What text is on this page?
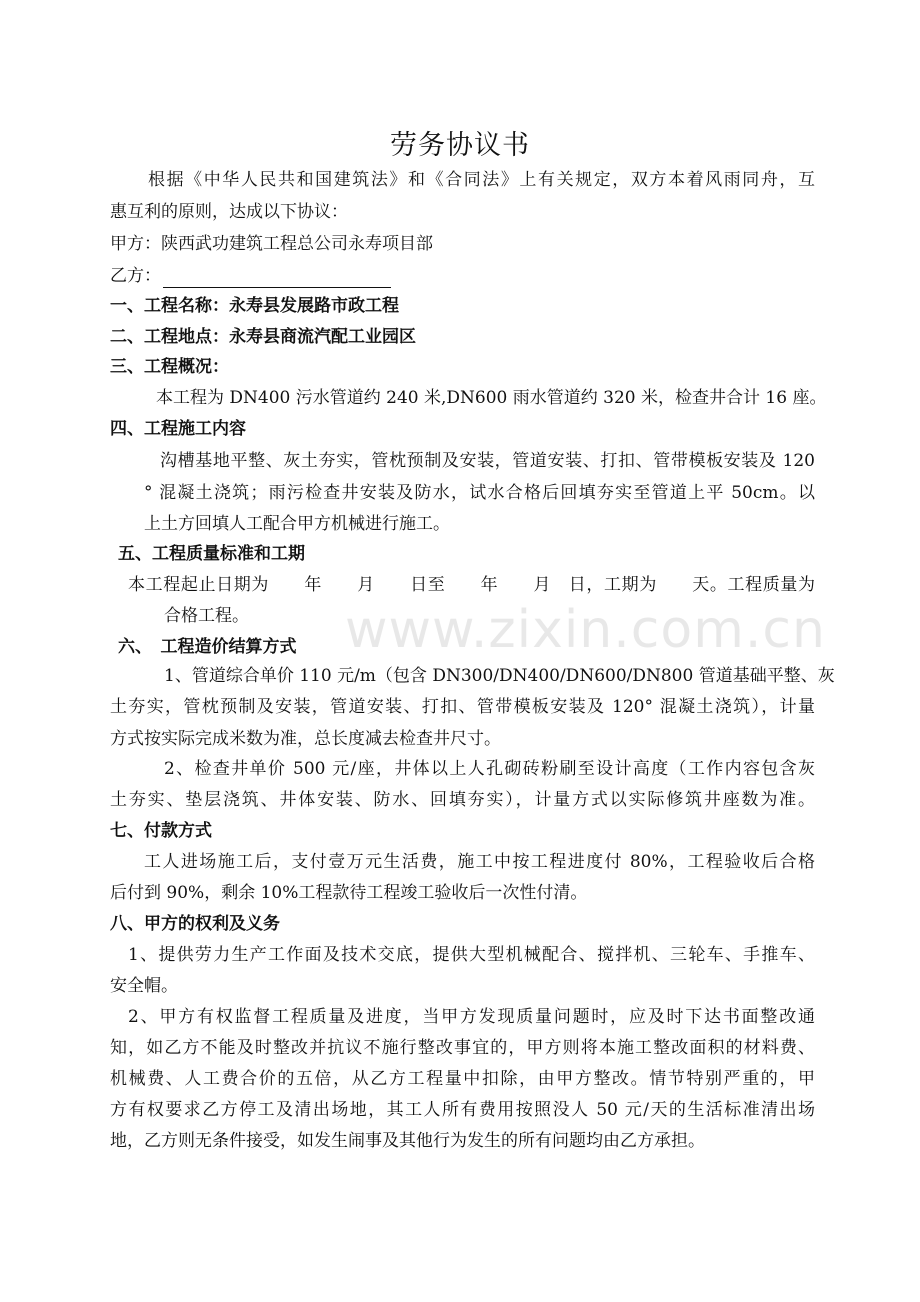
劳务协议书
根据《中华人民共和国建筑法》和《合同法》上有关规定，双方本着风雨同舟，互
惠互利的原则，达成以下协议：
甲方：陕西武功建筑工程总公司永寿项目部
乙方：
一、工程名称：永寿县发展路市政工程
二、工程地点：永寿县商流汽配工业园区
三、工程概况：
本工程为 DN400 污水管道约 240 米,DN600 雨水管道约 320 米，检查井合计 16 座。
四、工程施工内容
沟槽基地平整、灰土夯实，管枕预制及安装，管道安装、打扣、管带模板安装及 120
° 混凝土浇筑；雨污检查井安装及防水，试水合格后回填夯实至管道上平 50cm。以
上土方回填人工配合甲方机械进行施工。
五、工程质量标准和工期
本工程起止日期为　　年　　月　　日至　　年　　月　日，工期为　　天。工程质量为
合格工程。
六、　工程造价结算方式
1、管道综合单价 110 元/m（包含 DN300/DN400/DN600/DN800 管道基础平整、灰
土夯实，管枕预制及安装，管道安装、打扣、管带模板安装及 120° 混凝土浇筑），计量
方式按实际完成米数为准，总长度减去检查井尺寸。
2、检查井单价 500 元/座，井体以上人孔砌砖粉刷至设计高度（工作内容包含灰
土夯实、垫层浇筑、井体安装、防水、回填夯实），计量方式以实际修筑井座数为准。
七、付款方式
工人进场施工后，支付壹万元生活费，施工中按工程进度付 80%，工程验收后合格
后付到 90%，剩余 10%工程款待工程竣工验收后一次性付清。
八、甲方的权利及义务
1、提供劳力生产工作面及技术交底，提供大型机械配合、搅拌机、三轮车、手推车、
安全帽。
2、甲方有权监督工程质量及进度，当甲方发现质量问题时，应及时下达书面整改通
知，如乙方不能及时整改并抗议不施行整改事宜的，甲方则将本施工整改面积的材料费、
机械费、人工费合价的五倍，从乙方工程量中扣除，由甲方整改。情节特别严重的，甲
方有权要求乙方停工及清出场地，其工人所有费用按照没人 50 元/天的生活标准清出场
地，乙方则无条件接受，如发生闹事及其他行为发生的所有问题均由乙方承担。
www.zixin.com.cn
